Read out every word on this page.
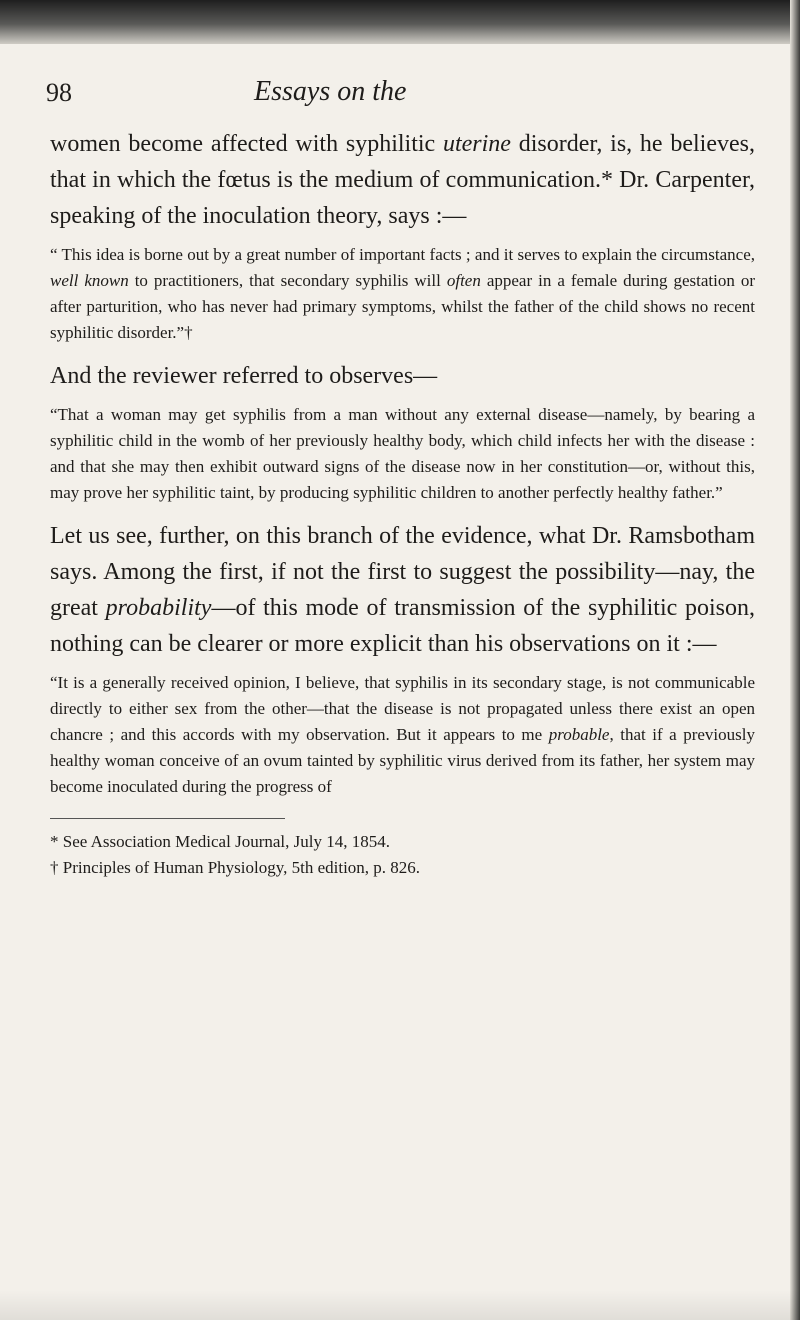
98	Essays on the

women become affected with syphilitic uterine disorder, is, he believes, that in which the fœtus is the medium of communication.* Dr. Carpenter, speaking of the inoculation theory, says :—

“ This idea is borne out by a great number of important facts ; and it serves to explain the circumstance, well known to practitioners, that secondary syphilis will often appear in a female during gestation or after parturition, who has never had primary symptoms, whilst the father of the child shows no recent syphilitic disorder.”†

And the reviewer referred to observes—

“That a woman may get syphilis from a man without any external disease—namely, by bearing a syphilitic child in the womb of her previously healthy body, which child infects her with the disease : and that she may then exhibit outward signs of the disease now in her constitution—or, without this, may prove her syphilitic taint, by producing syphilitic children to another perfectly healthy father.”

Let us see, further, on this branch of the evidence, what Dr. Ramsbotham says. Among the first, if not the first to suggest the possibility—nay, the great probability—of this mode of transmission of the syphilitic poison, nothing can be clearer or more explicit than his observations on it :—

“It is a generally received opinion, I believe, that syphilis in its secondary stage, is not communicable directly to either sex from the other—that the disease is not propagated unless there exist an open chancre ; and this accords with my observation. But it appears to me probable, that if a previously healthy woman conceive of an ovum tainted by syphilitic virus derived from its father, her system may become inoculated during the progress of

* See Association Medical Journal, July 14, 1854.

† Principles of Human Physiology, 5th edition, p. 826.
